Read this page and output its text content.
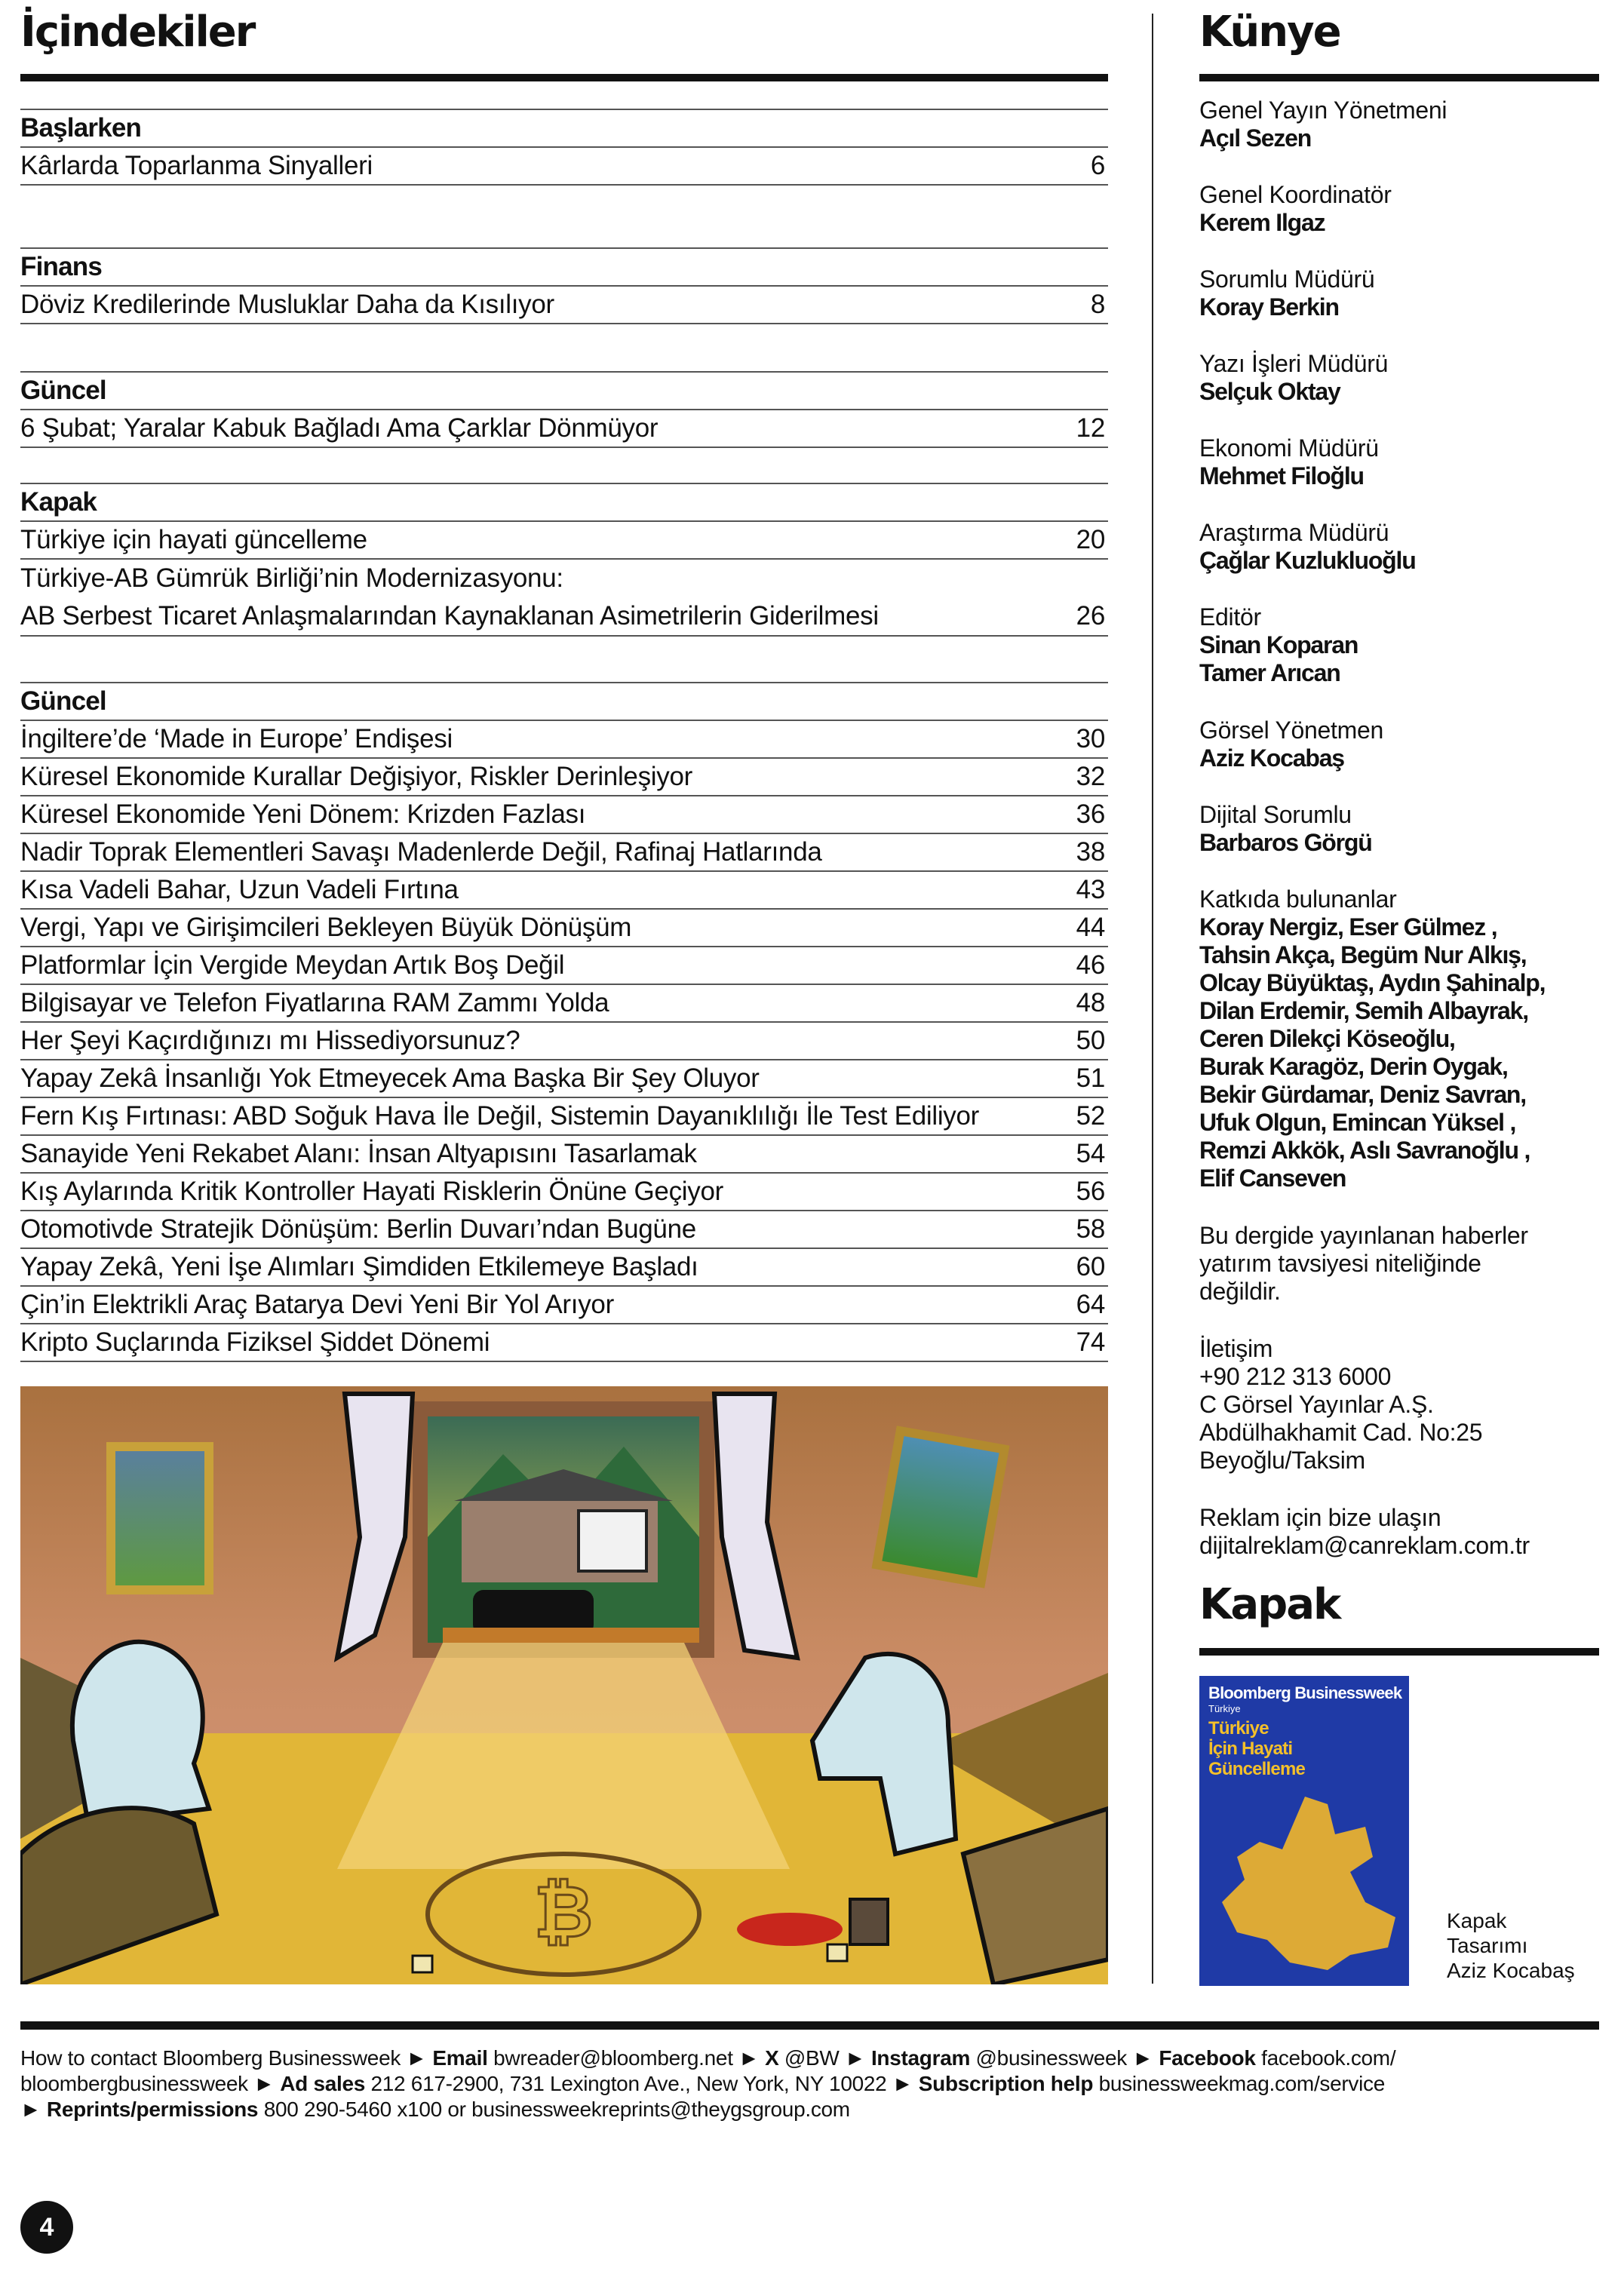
İçindekiler
Başlarken
Kârlarda Toparlanma Sinyalleri	6
Finans
Döviz Kredilerinde Musluklar Daha da Kısılıyor	8
Güncel
6 Şubat; Yaralar Kabuk Bağladı Ama Çarklar Dönmüyor	12
Kapak
Türkiye için hayati güncelleme	20
Türkiye-AB Gümrük Birliği’nin Modernizasyonu:
AB Serbest Ticaret Anlaşmalarından Kaynaklanan Asimetrilerin Giderilmesi	26
Güncel
İngiltere’de ‘Made in Europe’ Endişesi	30
Küresel Ekonomide Kurallar Değişiyor, Riskler Derinleşiyor	32
Küresel Ekonomide Yeni Dönem: Krizden Fazlası	36
Nadir Toprak Elementleri Savaşı Madenlerde Değil, Rafinaj Hatlarında	38
Kısa Vadeli Bahar, Uzun Vadeli Fırtına	43
Vergi, Yapı ve Girişimcileri Bekleyen Büyük Dönüşüm	44
Platformlar İçin Vergide Meydan Artık Boş Değil	46
Bilgisayar ve Telefon Fiyatlarına RAM Zammı Yolda	48
Her Şeyi Kaçırdığınızı mı Hissediyorsunuz?	50
Yapay Zekâ İnsanlığı Yok Etmeyecek Ama Başka Bir Şey Oluyor	51
Fern Kış Fırtınası: ABD Soğuk Hava İle Değil, Sistemin Dayanıklılığı İle Test Ediliyor	52
Sanayide Yeni Rekabet Alanı: İnsan Altyapısını Tasarlamak	54
Kış Aylarında Kritik Kontroller Hayati Risklerin Önüne Geçiyor	56
Otomotivde Stratejik Dönüşüm: Berlin Duvarı’ndan Bugüne	58
Yapay Zekâ, Yeni İşe Alımları Şimdiden Etkilemeye Başladı	60
Çin’in Elektrikli Araç Batarya Devi Yeni Bir Yol Arıyor	64
Kripto Suçlarında Fiziksel Şiddet Dönemi	74
Künye
Genel Yayın Yönetmeni
Açıl Sezen
Genel Koordinatör
Kerem Ilgaz
Sorumlu Müdürü
Koray Berkin
Yazı İşleri Müdürü
Selçuk Oktay
Ekonomi Müdürü
Mehmet Filoğlu
Araştırma Müdürü
Çağlar Kuzlukluoğlu
Editör
Sinan Koparan
Tamer Arıcan
Görsel Yönetmen
Aziz Kocabaş
Dijital Sorumlu
Barbaros Görgü
Katkıda bulunanlar
Koray Nergiz, Eser Gülmez ,
Tahsin Akça, Begüm Nur Alkış,
Olcay Büyüktaş, Aydın Şahinalp,
Dilan Erdemir, Semih Albayrak,
Ceren Dilekçi Köseoğlu,
Burak Karagöz, Derin Oygak,
Bekir Gürdamar, Deniz Savran,
Ufuk Olgun, Emincan Yüksel ,
Remzi Akkök, Aslı Savranoğlu ,
Elif Canseven
Bu dergide yayınlanan haberler
yatırım tavsiyesi niteliğinde
değildir.
İletişim
+90 212 313 6000
C Görsel Yayınlar A.Ş.
Abdülhakhamit Cad. No:25
Beyoğlu/Taksim
Reklam için bize ulaşın
dijitalreklam@canreklam.com.tr
Kapak
₿
Bloomberg Businessweek
Türkiye
Türkiye
İçin Hayati
Güncelleme
Kapak
Tasarımı
Aziz Kocabaş
How to contact Bloomberg Businessweek ► Email bwreader@bloomberg.net ► X @BW ► Instagram @businessweek ► Facebook facebook.com/
bloombergbusinessweek ► Ad sales 212 617-2900, 731 Lexington Ave., New York, NY 10022 ► Subscription help businessweekmag.com/service
► Reprints/permissions 800 290-5460 x100 or businessweekreprints@theygsgroup.com
4
